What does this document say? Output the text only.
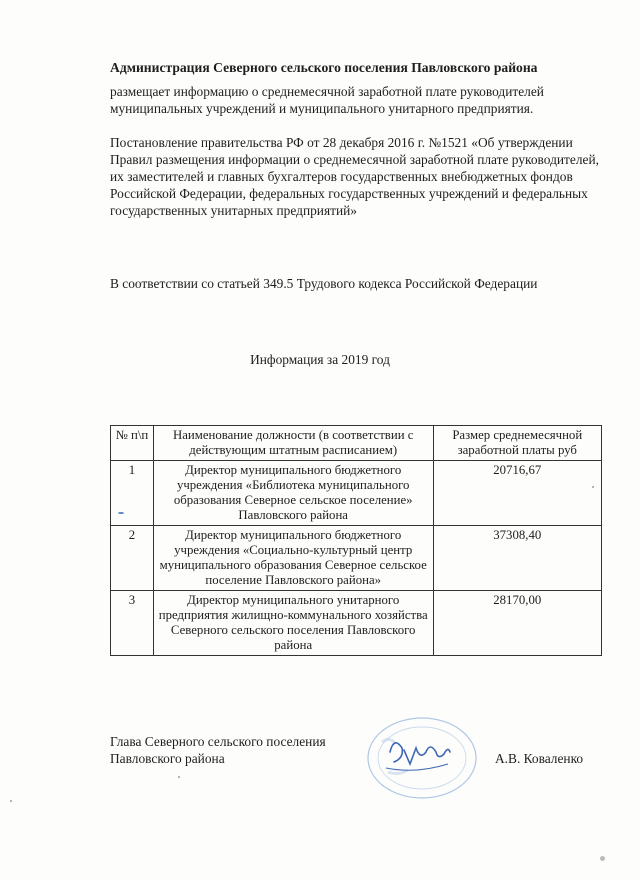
Администрация Северного сельского поселения Павловского района
размещает информацию о среднемесячной заработной плате руководителей муниципальных учреждений и муниципального унитарного предприятия.
Постановление правительства РФ от 28 декабря 2016 г. №1521 «Об утверждении Правил размещения информации о среднемесячной заработной плате руководителей, их заместителей и главных бухгалтеров государственных внебюджетных фондов Российской Федерации, федеральных государственных учреждений и федеральных государственных унитарных предприятий»
В соответствии со статьей 349.5 Трудового кодекса Российской Федерации
Информация за 2019 год
№ п\п	Наименование должности (в соответствии с действующим штатным расписанием)	Размер среднемесячной заработной платы руб
1	Директор муниципального бюджетного учреждения «Библиотека муниципального образования Северное сельское поселение» Павловского района	20716,67
2	Директор муниципального бюджетного учреждения «Социально-культурный центр муниципального образования Северное сельское поселение Павловского района»	37308,40
3	Директор муниципального унитарного предприятия жилищно-коммунального хозяйства Северного сельского поселения Павловского района	28170,00
Глава Северного сельского поселения
Павловского района	А.В. Коваленко
